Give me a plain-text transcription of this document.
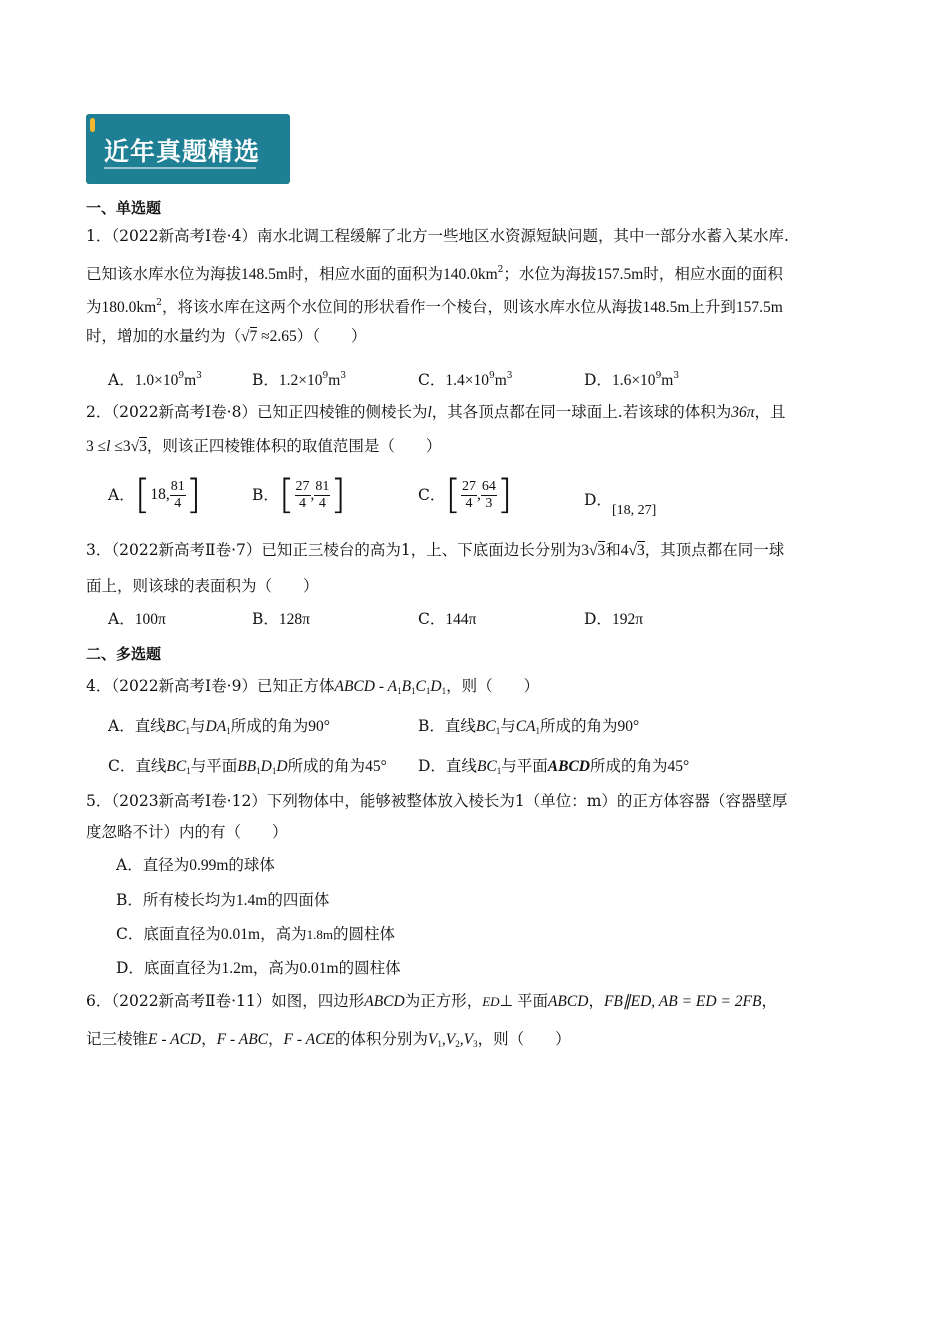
近年真题精选
一、单选题
1．（2022新高考Ⅰ卷·4）南水北调工程缓解了北方一些地区水资源短缺问题，其中一部分水蓄入某水库.
已知该水库水位为海拔148.5m时，相应水面的面积为$140.0km^2$；水位为海拔157.5m时，相应水面的面积
为$180.0km^2$，将该水库在这两个水位间的形状看作一个棱台，则该水库水位从海拔148.5m上升到157.5m
时，增加的水量约为（√7 ≈2.65）（　　）
A．$1.0\times 10^9m^3$	B．$1.2\times 10^9m^3$	C．$1.4\times 10^9m^3$	D．$1.6\times 10^9m^3$
2．（2022新高考Ⅰ卷·8）已知正四棱锥的侧棱长为l，其各顶点都在同一球面上.若该球的体积为36π，且
3 ≤l ≤3√3，则该正四棱锥体积的取值范围是（　　）
A．[18, $\frac{81}{4}$ ]	B．[ $\frac{27}{4}$ , $\frac{81}{4}$ ]	C．[ $\frac{27}{4}$ , $\frac{64}{3}$ ]	D．
[18, 27]
3．（2022新高考Ⅱ卷·7）已知正三棱台的高为1，上、下底面边长分别为3√3和4√3，其顶点都在同一球
面上，则该球的表面积为（　　）
A．100π	B．128π	C．144π	D．192π
二、多选题
4．（2022新高考Ⅰ卷·9）已知正方体ABCD - $A_1B_1C_1D_1$，则（　　）
A．直线$BC_1$与$DA_1$所成的角为90°	B．直线$BC_1$与$CA_1$所成的角为90°
C．直线$BC_1$与平面$BB_1D_1D$所成的角为45° D．直线$BC_1$与平面ABCD所成的角为45°
5．（2023新高考Ⅰ卷·12）下列物体中，能够被整体放入棱长为1（单位：m）的正方体容器（容器壁厚
度忽略不计）内的有（　　）
A．直径为0.99m的球体
B．所有棱长均为1.4m的四面体
C．底面直径为0.01m，高为1.8m的圆柱体
D．底面直径为1.2m，高为0.01m的圆柱体
6．（2022新高考Ⅱ卷·11）如图，四边形ABCD为正方形，ED⊥ 平面ABCD，FB∥ED, AB = ED = 2FB，
记三棱锥E - ACD，F - ABC，F - ACE的体积分别为$V_1,V_2,V_3$，则（　　）
